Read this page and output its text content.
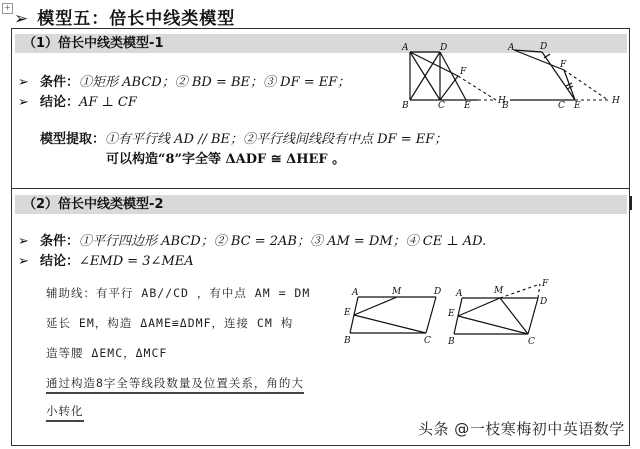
+
➢ 模型五：倍长中线类模型
（1）倍长中线类模型-1
➢ 条件：①矩形 ABCD；② BD = BE；③ DF = EF；
➢ 结论：AF ⊥ CF
模型提取：①有平行线 AD // BE；②平行线间线段有中点 DF = EF；
可以构造“8”字全等 ΔADF ≅ ΔHEF 。
A	D
F
B	C E	H
A	D
F
B	C E	H
（2）倍长中线类模型-2
➢ 条件：①平行四边形 ABCD；② BC = 2AB；③ AM = DM；④ CE ⊥ AD.
➢ 结论：∠EMD = 3∠MEA
辅助线：有平行 AB//CD ，有中点 AM = DM
延长 EM，构造 ΔAME≌ΔDMF，连接 CM 构
造等腰 ΔEMC，ΔMCF
通过构造8字全等线段数量及位置关系，角的大
小转化
A	M	D
E
B	C
A	M
D
F
E
B	C
头条 @一枝寒梅初中英语数学
